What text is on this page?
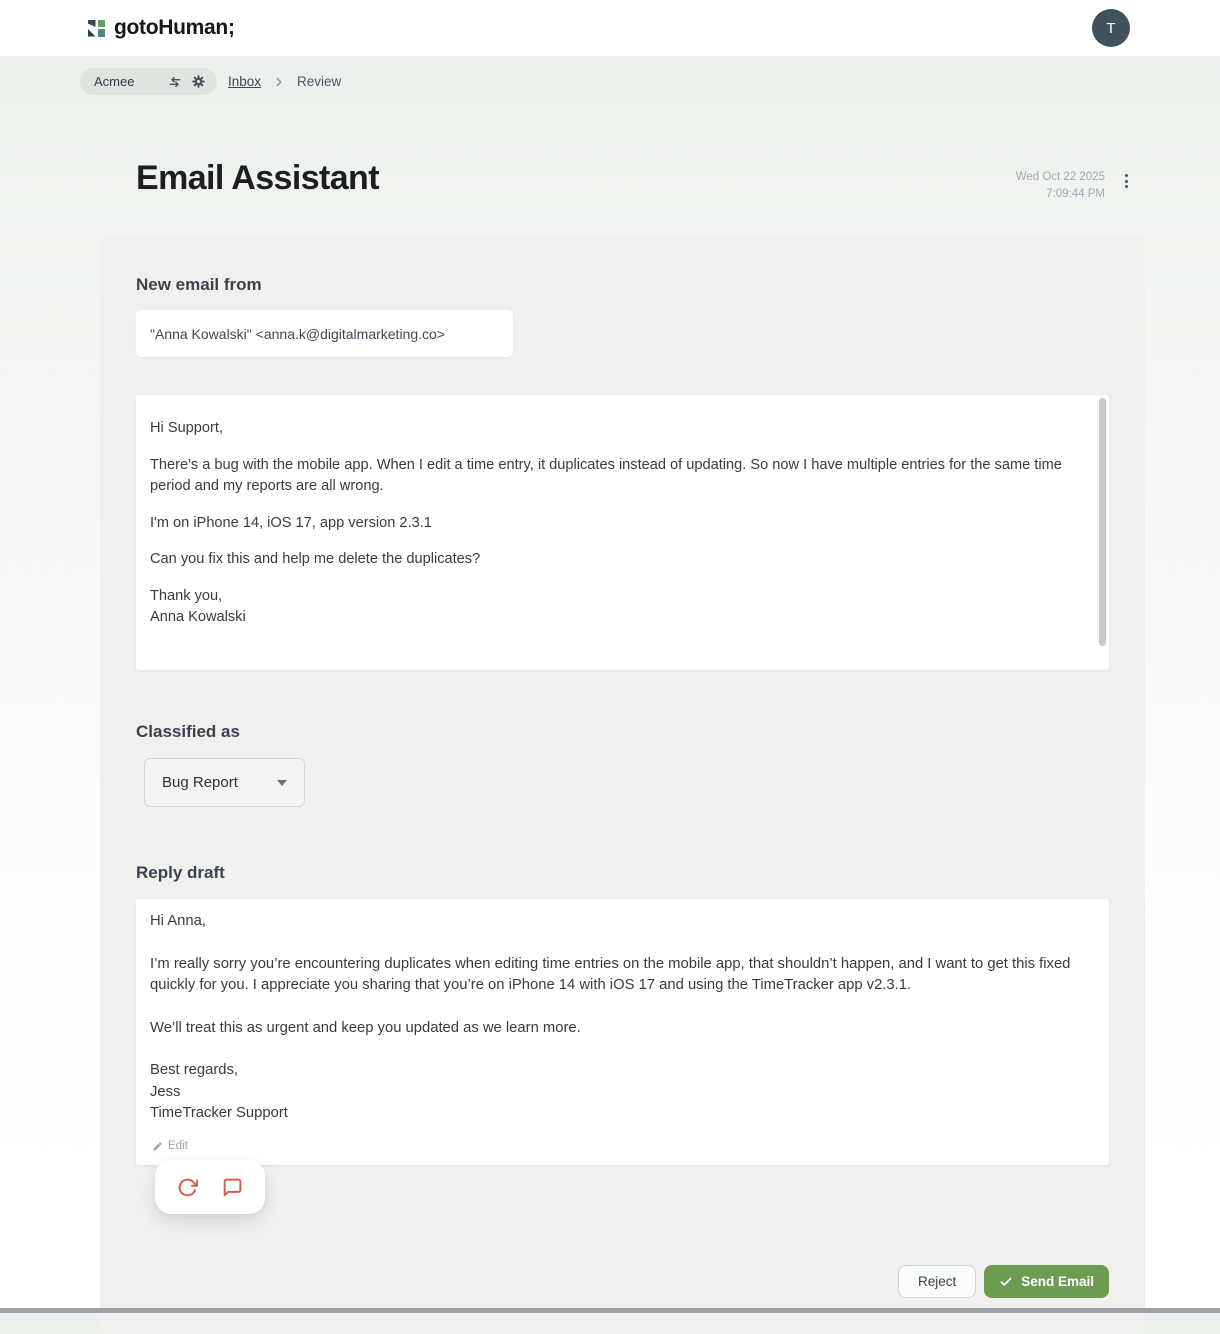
gotoHuman;	T
Acmee	Inbox	Review
Email Assistant	Wed Oct 22 2025
7:09:44 PM
New email from
"Anna Kowalski" <anna.k@digitalmarketing.co>

Hi Support,

There's a bug with the mobile app. When I edit a time entry, it duplicates instead of updating. So now I have multiple entries for the same time period and my reports are all wrong.

I'm on iPhone 14, iOS 17, app version 2.3.1

Can you fix this and help me delete the duplicates?

Thank you,
Anna Kowalski

Classified as
Bug Report
Reply draft

Hi Anna,

I’m really sorry you’re encountering duplicates when editing time entries on the mobile app, that shouldn’t happen, and I want to get this fixed quickly for you. I appreciate you sharing that you’re on iPhone 14 with iOS 17 and using the TimeTracker app v2.3.1.

We’ll treat this as urgent and keep you updated as we learn more.

Best regards,
Jess
TimeTracker Support

Edit
Reject	Send Email
